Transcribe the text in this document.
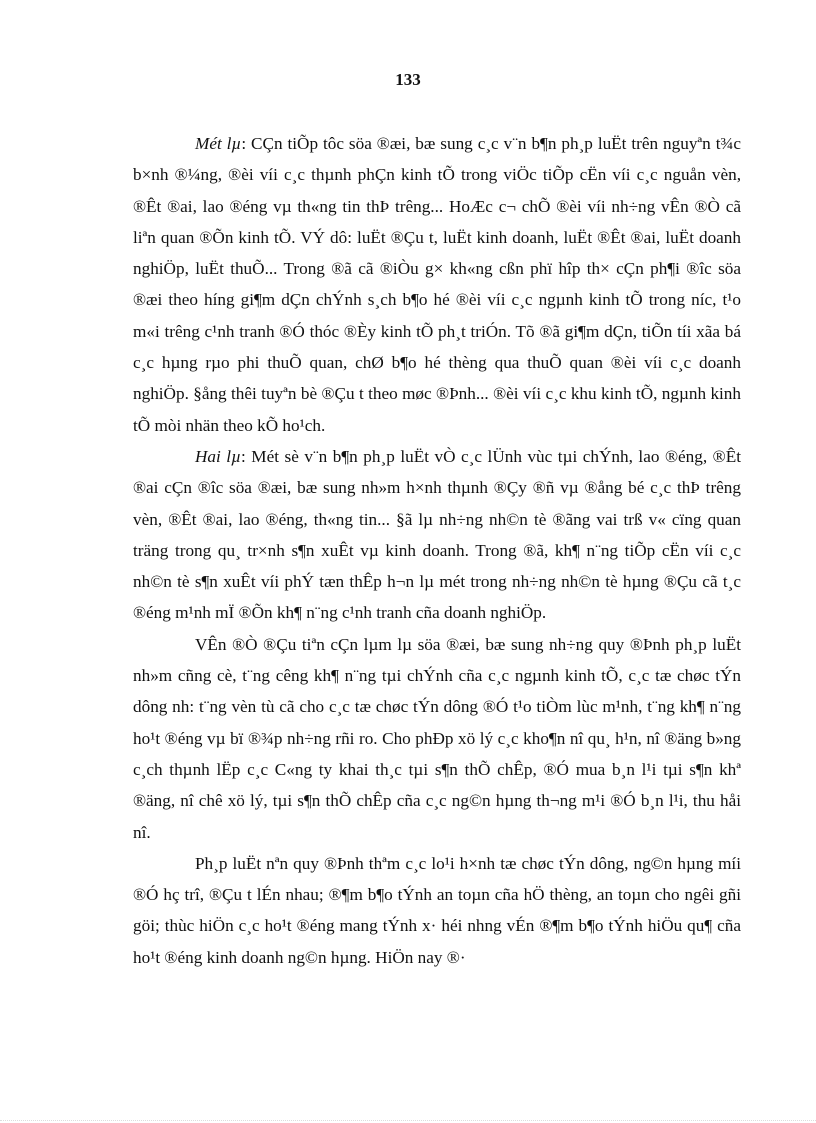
133

Mét lµ: CÇn tiÕp tôc söa ®æi, bæ sung c¸c v¨n b¶n ph¸p luËt trên nguyªn t¾c b×nh ®¼ng, ®èi víi c¸c thµnh phÇn kinh tÕ trong viÖc tiÕp cËn víi c¸c nguån vèn, ®Êt ®ai, lao ®éng vµ th«ng tin thÞ trêng... HoÆc c¬ chÕ ®èi víi nh÷ng vÊn ®Ò cã liªn quan ®Õn kinh tÕ. VÝ dô: luËt ®Çu t, luËt kinh doanh, luËt ®Êt ®ai, luËt doanh nghiÖp, luËt thuÕ... Trong ®ã cã ®iÒu g× kh«ng cßn phï hîp th× cÇn ph¶i ®îc söa ®æi theo híng gi¶m dÇn chÝnh s¸ch b¶o hé ®èi víi c¸c ngµnh kinh tÕ trong níc, t¹o m«i trêng c¹nh tranh ®Ó thóc ®Èy kinh tÕ ph¸t triÓn. Tõ ®ã gi¶m dÇn, tiÕn tíi xãa bá c¸c hµng rµo phi thuÕ quan, chØ b¶o hé thèng qua thuÕ quan ®èi víi c¸c doanh nghiÖp. §ång thêi tuyªn bè ®Çu t theo møc ®Þnh... ®èi víi c¸c khu kinh tÕ, ngµnh kinh tÕ mòi nhän theo kÕ ho¹ch.

Hai lµ: Mét sè v¨n b¶n ph¸p luËt vÒ c¸c lÜnh vùc tµi chÝnh, lao ®éng, ®Êt ®ai cÇn ®îc söa ®æi, bæ sung nh»m h×nh thµnh ®Çy ®ñ vµ ®ång bé c¸c thÞ trêng vèn, ®Êt ®ai, lao ®éng, th«ng tin... §ã lµ nh÷ng nh©n tè ®ãng vai trß v« cïng quan träng trong qu¸ tr×nh s¶n xuÊt vµ kinh doanh. Trong ®ã, kh¶ n¨ng tiÕp cËn víi c¸c nh©n tè s¶n xuÊt víi phÝ tæn thÊp h¬n lµ mét trong nh÷ng nh©n tè hµng ®Çu cã t¸c ®éng m¹nh mÏ ®Õn kh¶ n¨ng c¹nh tranh cña doanh nghiÖp.

VÊn ®Ò ®Çu tiªn cÇn lµm lµ söa ®æi, bæ sung nh÷ng quy ®Þnh ph¸p luËt nh»m cñng cè, t¨ng cêng kh¶ n¨ng tµi chÝnh cña c¸c ngµnh kinh tÕ, c¸c tæ chøc tÝn dông nh: t¨ng vèn tù cã cho c¸c tæ chøc tÝn dông ®Ó t¹o tiÒm lùc m¹nh, t¨ng kh¶ n¨ng ho¹t ®éng vµ bï ®¾p nh÷ng rñi ro. Cho phÐp xö lý c¸c kho¶n nî qu¸ h¹n, nî ®äng b»ng c¸ch thµnh lËp c¸c C«ng ty khai th¸c tµi s¶n thÕ chÊp, ®Ó mua b¸n l¹i tµi s¶n khª ®äng, nî chê xö lý, tµi s¶n thÕ chÊp cña c¸c ng©n hµng th¬ng m¹i ®Ó b¸n l¹i, thu håi nî.

Ph¸p luËt nªn quy ®Þnh thªm c¸c lo¹i h×nh tæ chøc tÝn dông, ng©n hµng míi ®Ó hç trî, ®Çu t lÉn nhau; ®¶m b¶o tÝnh an toµn cña hÖ thèng, an toµn cho ngêi gñi göi; thùc hiÖn c¸c ho¹t ®éng mang tÝnh x· héi nhng vÉn ®¶m b¶o tÝnh hiÖu qu¶ cña ho¹t ®éng kinh doanh ng©n hµng. HiÖn nay ®·
